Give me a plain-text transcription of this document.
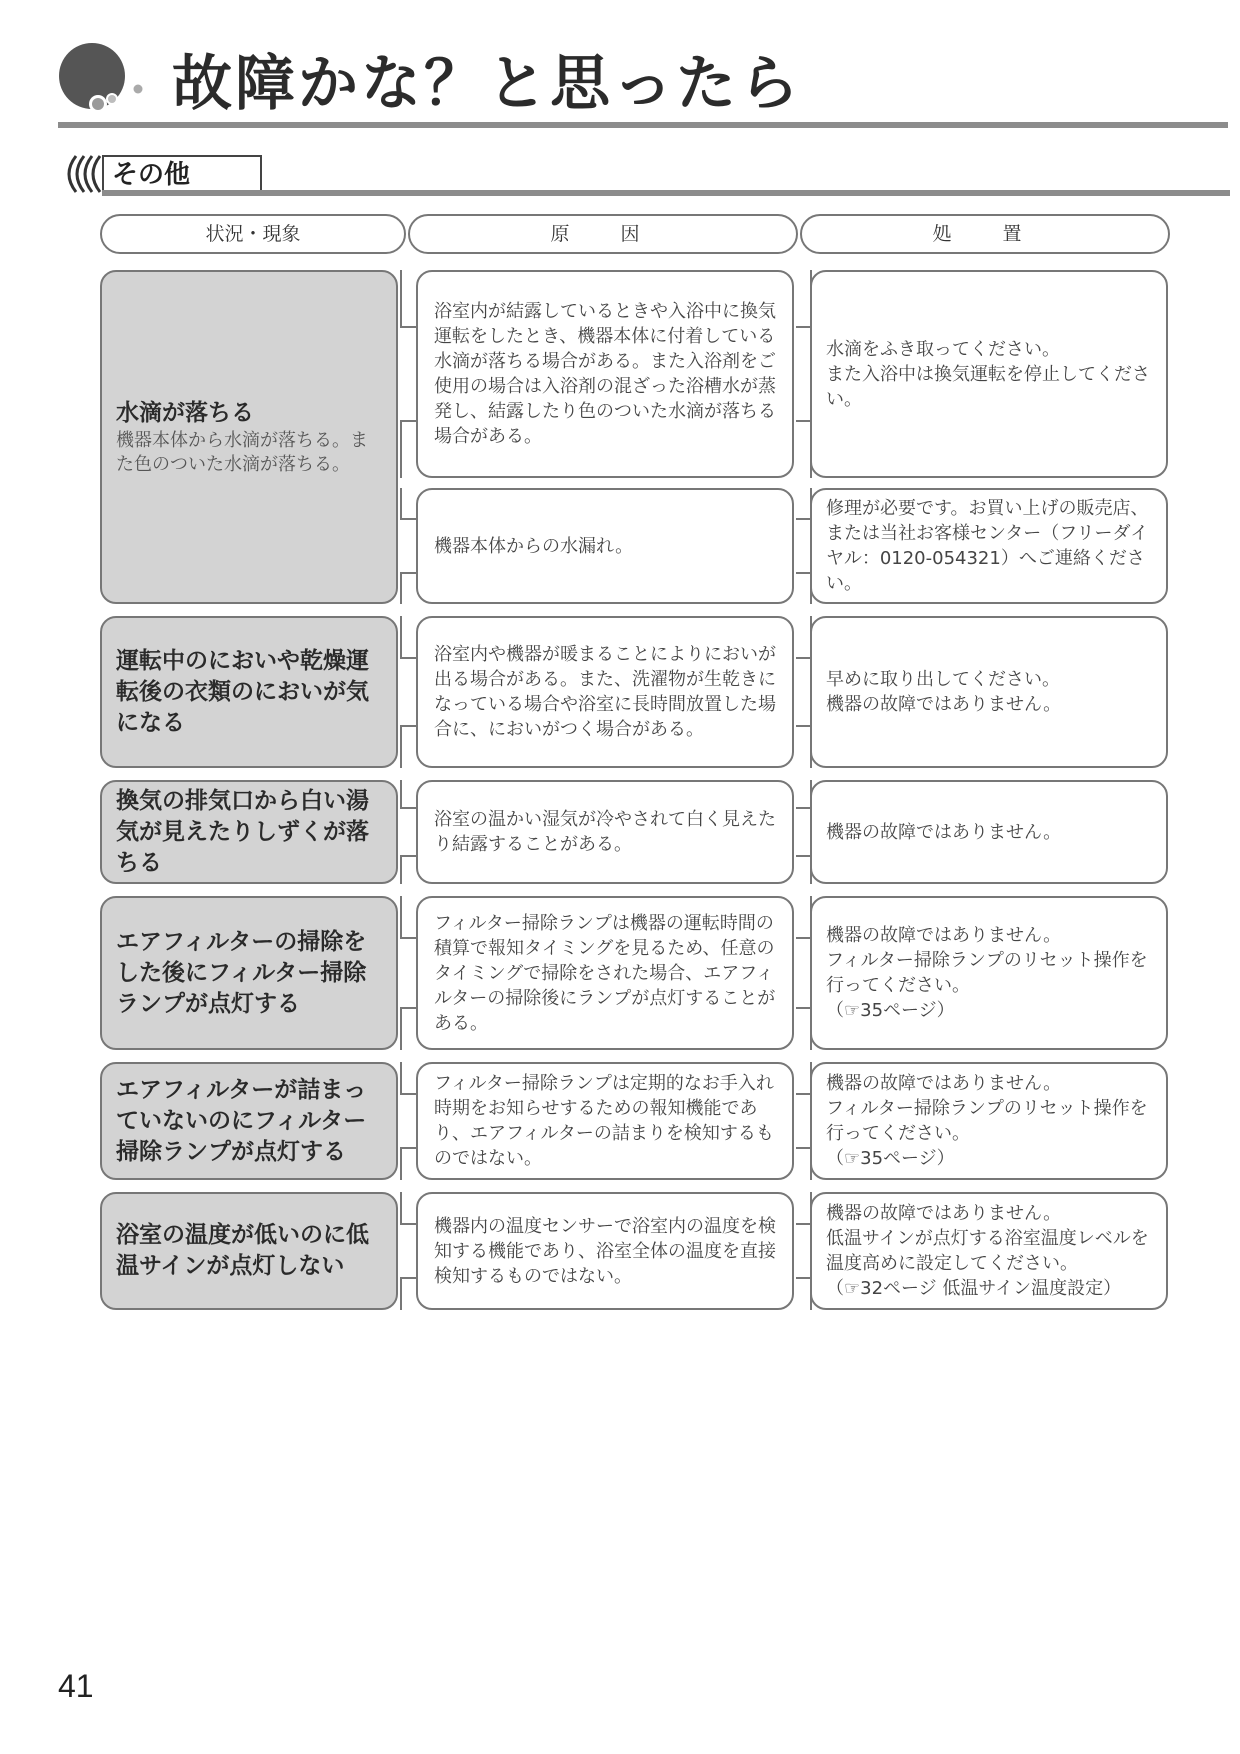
故障かな？と思ったら
その他
状況・現象	原　因	処　置
水滴が落ちる
機器本体から水滴が落ちる。また色のついた水滴が落ちる。
浴室内が結露しているときや入浴中に換気運転をしたとき、機器本体に付着している水滴が落ちる場合がある。また入浴剤をご使用の場合は入浴剤の混ざった浴槽水が蒸発し、結露したり色のついた水滴が落ちる場合がある。
水滴をふき取ってください。
また入浴中は換気運転を停止してください。
機器本体からの水漏れ。
修理が必要です。お買い上げの販売店、または当社お客様センター（フリーダイヤル：0120-054321）へご連絡ください。
運転中のにおいや乾燥運転後の衣類のにおいが気になる
浴室内や機器が暖まることによりにおいが出る場合がある。また、洗濯物が生乾きになっている場合や浴室に長時間放置した場合に、においがつく場合がある。
早めに取り出してください。
機器の故障ではありません。
換気の排気口から白い湯気が見えたりしずくが落ちる
浴室の温かい湿気が冷やされて白く見えたり結露することがある。
機器の故障ではありません。
エアフィルターの掃除をした後にフィルター掃除ランプが点灯する
フィルター掃除ランプは機器の運転時間の積算で報知タイミングを見るため、任意のタイミングで掃除をされた場合、エアフィルターの掃除後にランプが点灯することがある。
機器の故障ではありません。
フィルター掃除ランプのリセット操作を行ってください。
（☞35ページ）
エアフィルターが詰まっていないのにフィルター掃除ランプが点灯する
フィルター掃除ランプは定期的なお手入れ時期をお知らせするための報知機能であり、エアフィルターの詰まりを検知するものではない。
機器の故障ではありません。
フィルター掃除ランプのリセット操作を行ってください。
（☞35ページ）
浴室の温度が低いのに低温サインが点灯しない
機器内の温度センサーで浴室内の温度を検知する機能であり、浴室全体の温度を直接検知するものではない。
機器の故障ではありません。
低温サインが点灯する浴室温度レベルを温度高めに設定してください。
（☞32ページ 低温サイン温度設定）
41
